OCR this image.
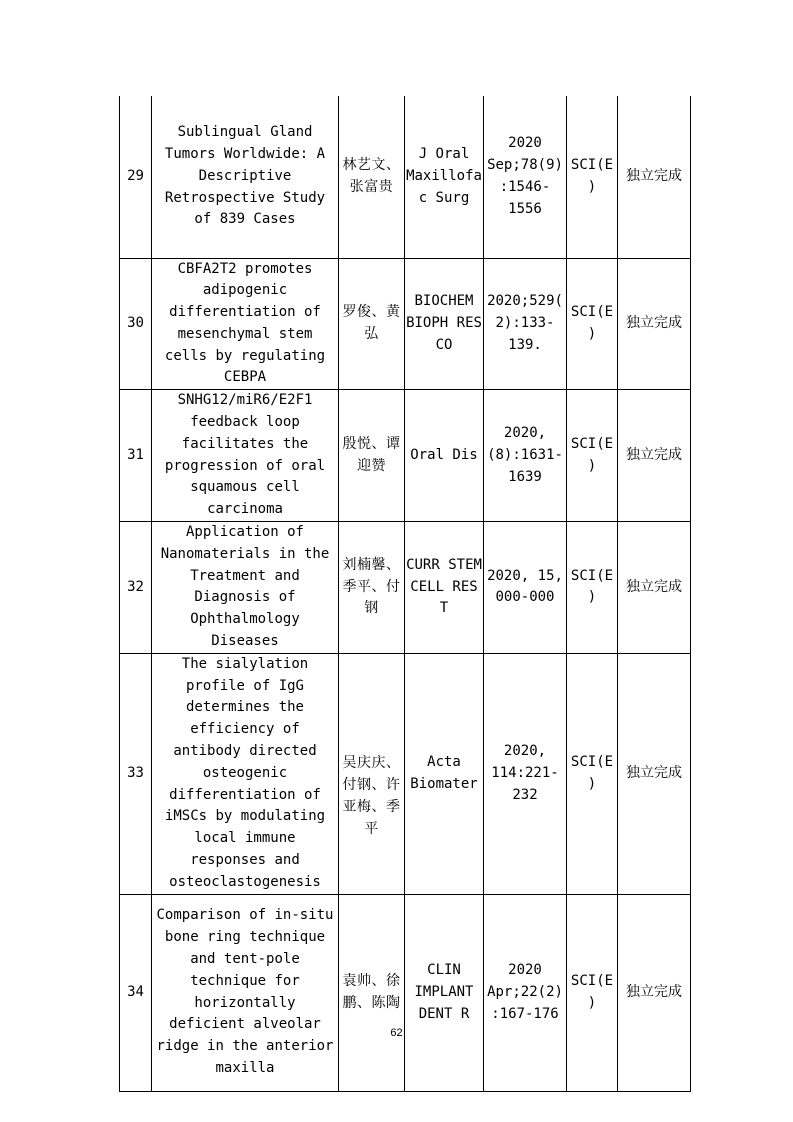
29	Sublingual Gland Tumors Worldwide: A Descriptive Retrospective Study of 839 Cases	林艺文、张富贵	J Oral Maxillofac Surg	2020 Sep;78(9):1546-1556	SCI(E)	独立完成
30	CBFA2T2 promotes adipogenic differentiation of mesenchymal stem cells by regulating CEBPA	罗俊、黄弘	BIOCHEM BIOPH RES CO	2020;529(2):133-139.	SCI(E)	独立完成
31	SNHG12/miR6/E2F1 feedback loop facilitates the progression of oral squamous cell carcinoma	殷悦、谭迎赞	Oral Dis	2020,(8):1631-1639	SCI(E)	独立完成
32	Application of Nanomaterials in the Treatment and Diagnosis of Ophthalmology Diseases	刘楠馨、季平、付钢	CURR STEM CELL RES T	2020, 15, 000-000	SCI(E)	独立完成
33	The sialylation profile of IgG determines the efficiency of antibody directed osteogenic differentiation of iMSCs by modulating local immune responses and osteoclastogenesis	吴庆庆、付钢、许亚梅、季平	Acta Biomater	2020, 114:221-232	SCI(E)	独立完成
34	Comparison of in-situ bone ring technique and tent-pole technique for horizontally deficient alveolar ridge in the anterior maxilla	袁帅、徐鹏、陈陶	CLIN IMPLANT DENT R	2020 Apr;22(2):167-176	SCI(E)	独立完成
62
